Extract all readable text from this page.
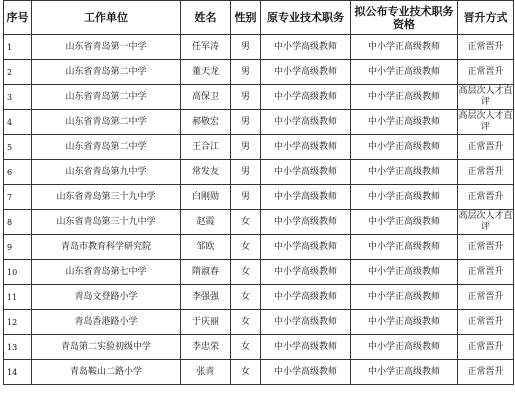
序号	工作单位	姓名	性别	原专业技术职务	拟公布专业技术职务资格	晋升方式
1	山东省青岛第一中学	任军涛	男	中小学高级教师	中小学正高级教师	正常晋升
2	山东省青岛第二中学	董天龙	男	中小学高级教师	中小学正高级教师	正常晋升
3	山东省青岛第二中学	高保卫	男	中小学高级教师	中小学正高级教师	高层次人才直评
4	山东省青岛第二中学	郝敬宏	男	中小学高级教师	中小学正高级教师	高层次人才直评
5	山东省青岛第二中学	王合江	男	中小学高级教师	中小学正高级教师	正常晋升
6	山东省青岛第九中学	常发友	男	中小学高级教师	中小学正高级教师	正常晋升
7	山东省青岛第三十九中学	白刚勋	男	中小学高级教师	中小学正高级教师	正常晋升
8	山东省青岛第三十九中学	赵霞	女	中小学高级教师	中小学正高级教师	高层次人才直评
9	青岛市教育科学研究院	邹欧	女	中小学高级教师	中小学正高级教师	正常晋升
10	山东省青岛第七中学	隋淑春	女	中小学高级教师	中小学正高级教师	正常晋升
11	青岛文登路小学	李强强	女	中小学高级教师	中小学正高级教师	正常晋升
12	青岛香港路小学	于庆丽	女	中小学高级教师	中小学正高级教师	正常晋升
13	青岛第二实验初级中学	李忠荣	女	中小学高级教师	中小学正高级教师	正常晋升
14	青岛鞍山二路小学	张青	女	中小学高级教师	中小学正高级教师	正常晋升
